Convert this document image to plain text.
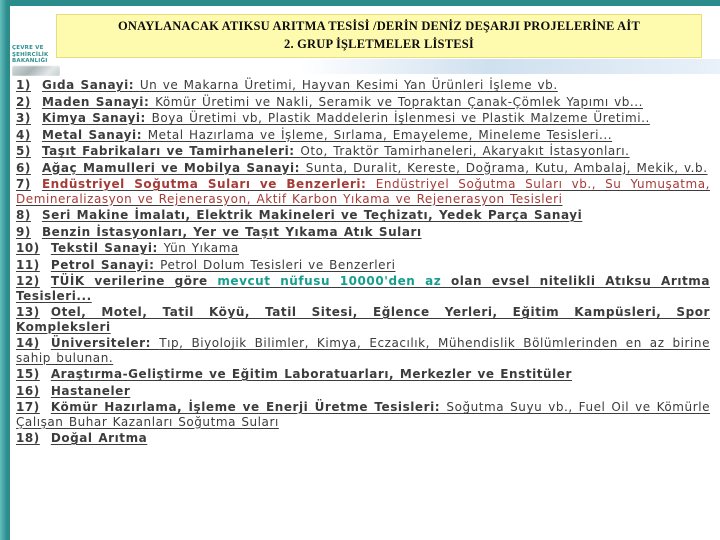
ONAYLANACAK ATIKSU ARITMA TESİSİ /DERİN DENİZ DEŞARJI PROJELERİNE AİT
2. GRUP İŞLETMELER LİSTESİ
ÇEVRE VE ŞEHİRCİLİK BAKANLIĞI
1) Gıda Sanayi: Un ve Makarna Üretimi, Hayvan Kesimi Yan Ürünleri İşleme vb.
2) Maden Sanayi: Kömür Üretimi ve Nakli, Seramik ve Topraktan Çanak-Çömlek Yapımı vb...
3) Kimya Sanayi: Boya Üretimi vb, Plastik Maddelerin İşlenmesi ve Plastik Malzeme Üretimi..
4) Metal Sanayi: Metal Hazırlama ve İşleme, Sırlama, Emayeleme, Mineleme Tesisleri...
5) Taşıt Fabrikaları ve Tamirhaneleri: Oto, Traktör Tamirhaneleri, Akaryakıt İstasyonları.
6) Ağaç Mamulleri ve Mobilya Sanayi: Sunta, Duralit, Kereste, Doğrama, Kutu, Ambalaj, Mekik, v.b.
7) Endüstriyel Soğutma Suları ve Benzerleri: Endüstriyel Soğutma Suları vb., Su Yumuşatma, Demineralizasyon ve Rejenerasyon, Aktif Karbon Yıkama ve Rejenerasyon Tesisleri
8) Seri Makine İmalatı, Elektrik Makineleri ve Teçhizatı, Yedek Parça Sanayi
9) Benzin İstasyonları, Yer ve Taşıt Yıkama Atık Suları
10) Tekstil Sanayi: Yün Yıkama
11) Petrol Sanayi: Petrol Dolum Tesisleri ve Benzerleri
12) TÜİK verilerine göre mevcut nüfusu 10000'den az olan evsel nitelikli Atıksu Arıtma Tesisleri...
13) Otel, Motel, Tatil Köyü, Tatil Sitesi, Eğlence Yerleri, Eğitim Kampüsleri, Spor Kompleksleri
14) Üniversiteler: Tıp, Biyolojik Bilimler, Kimya, Eczacılık, Mühendislik Bölümlerinden en az birine sahip bulunan.
15) Araştırma-Geliştirme ve Eğitim Laboratuarları, Merkezler ve Enstitüler
16) Hastaneler
17) Kömür Hazırlama, İşleme ve Enerji Üretme Tesisleri: Soğutma Suyu vb., Fuel Oil ve Kömürle Çalışan Buhar Kazanları Soğutma Suları
18) Doğal Arıtma
